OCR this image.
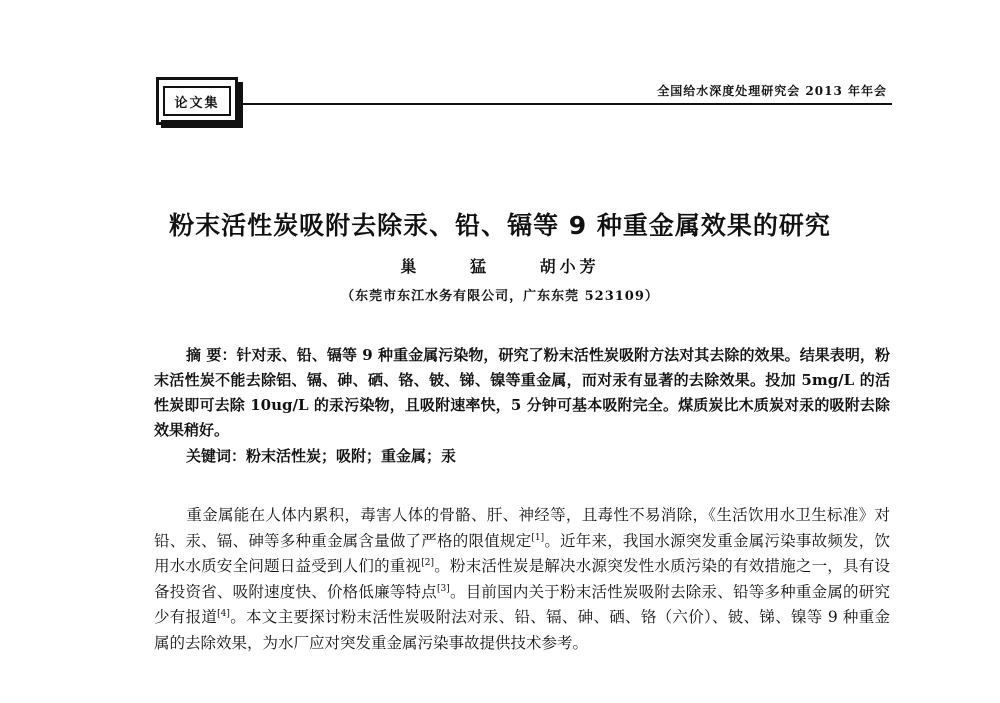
论文集
全国给水深度处理研究会 2013 年年会
粉末活性炭吸附去除汞、铅、镉等 9 种重金属效果的研究
巢 猛	胡小芳
（东莞市东江水务有限公司，广东东莞 523109）
摘 要：针对汞、铅、镉等 9 种重金属污染物，研究了粉末活性炭吸附方法对其去除的效果。结果表明，粉末活性炭不能去除铝、镉、砷、硒、铬、铍、锑、镍等重金属，而对汞有显著的去除效果。投加 5mg/L 的活性炭即可去除 10ug/L 的汞污染物，且吸附速率快，5 分钟可基本吸附完全。煤质炭比木质炭对汞的吸附去除效果稍好。
关键词：粉末活性炭；吸附；重金属；汞
重金属能在人体内累积，毒害人体的骨骼、肝、神经等，且毒性不易消除，《生活饮用水卫生标准》对铅、汞、镉、砷等多种重金属含量做了严格的限值规定[1]。近年来，我国水源突发重金属污染事故频发，饮用水水质安全问题日益受到人们的重视[2]。粉末活性炭是解决水源突发性水质污染的有效措施之一，具有设备投资省、吸附速度快、价格低廉等特点[3]。目前国内关于粉末活性炭吸附去除汞、铅等多种重金属的研究少有报道[4]。本文主要探讨粉末活性炭吸附法对汞、铅、镉、砷、硒、铬（六价）、铍、锑、镍等 9 种重金属的去除效果，为水厂应对突发重金属污染事故提供技术参考。
